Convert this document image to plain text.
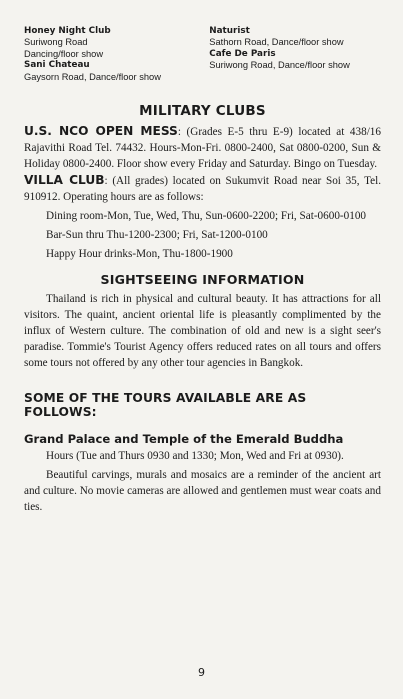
Honey Night Club
Suriwong Road
Dancing/floor show
Sani Chateau
Gaysorn Road, Dance/floor show
Naturist
Sathorn Road, Dance/floor show
Cafe De Paris
Suriwong Road, Dance/floor show
MILITARY CLUBS

U.S. NCO OPEN MESS: (Grades E-5 thru E-9) located at 438/16 Rajavithi Road Tel. 74432. Hours-Mon-Fri. 0800-2400, Sat 0800-0200, Sun & Holiday 0800-2400. Floor show every Friday and Saturday. Bingo on Tuesday.

VILLA CLUB: (All grades) located on Sukumvit Road near Soi 35, Tel. 910912. Operating hours are as follows:

Dining room-Mon, Tue, Wed, Thu, Sun-0600-2200; Fri, Sat-0600-0100

Bar-Sun thru Thu-1200-2300; Fri, Sat-1200-0100

Happy Hour drinks-Mon, Thu-1800-1900

SIGHTSEEING INFORMATION

Thailand is rich in physical and cultural beauty. It has attractions for all visitors. The quaint, ancient oriental life is pleasantly complimented by the influx of Western culture. The combination of old and new is a sight seer's paradise. Tommie's Tourist Agency offers reduced rates on all tours and offers some tours not offered by any other tour agencies in Bangkok.

SOME OF THE TOURS AVAILABLE ARE AS FOLLOWS:
Grand Palace and Temple of the Emerald Buddha

Hours (Tue and Thurs 0930 and 1330; Mon, Wed and Fri at 0930).

Beautiful carvings, murals and mosaics are a reminder of the ancient art and culture. No movie cameras are allowed and gentlemen must wear coats and ties.

9
